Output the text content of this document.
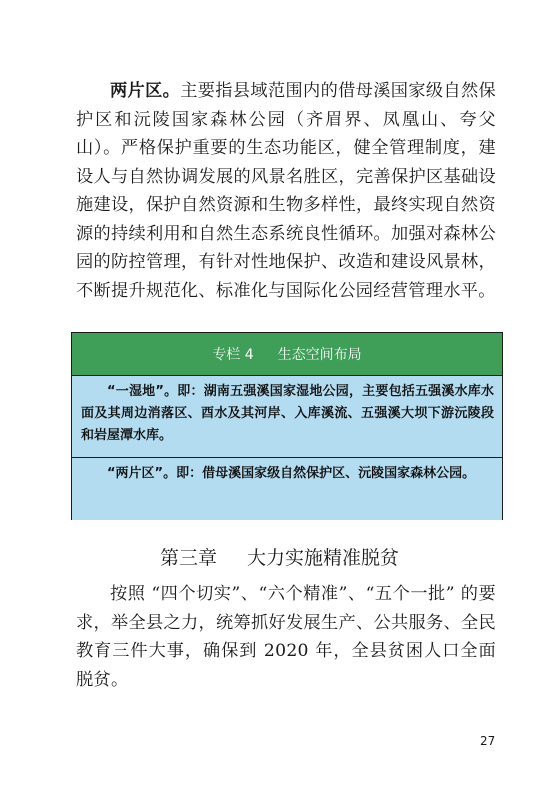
两片区。主要指县域范围内的借母溪国家级自然保护区和沅陵国家森林公园（齐眉界、凤凰山、夸父山）。严格保护重要的生态功能区，健全管理制度，建设人与自然协调发展的风景名胜区，完善保护区基础设施建设，保护自然资源和生物多样性，最终实现自然资源的持续利用和自然生态系统良性循环。加强对森林公园的防控管理，有针对性地保护、改造和建设风景林，不断提升规范化、标准化与国际化公园经营管理水平。

专栏 4 生态空间布局
“一湿地”。即：湖南五强溪国家湿地公园，主要包括五强溪水库水面及其周边消落区、酉水及其河岸、入库溪流、五强溪大坝下游沅陵段和岩屋潭水库。
“两片区”。即：借母溪国家级自然保护区、沅陵国家森林公园。
第三章 大力实施精准脱贫

按照 “四个切实”、“六个精准”、“五个一批” 的要求，举全县之力，统筹抓好发展生产、公共服务、全民教育三件大事，确保到 2020 年，全县贫困人口全面脱贫。

27
